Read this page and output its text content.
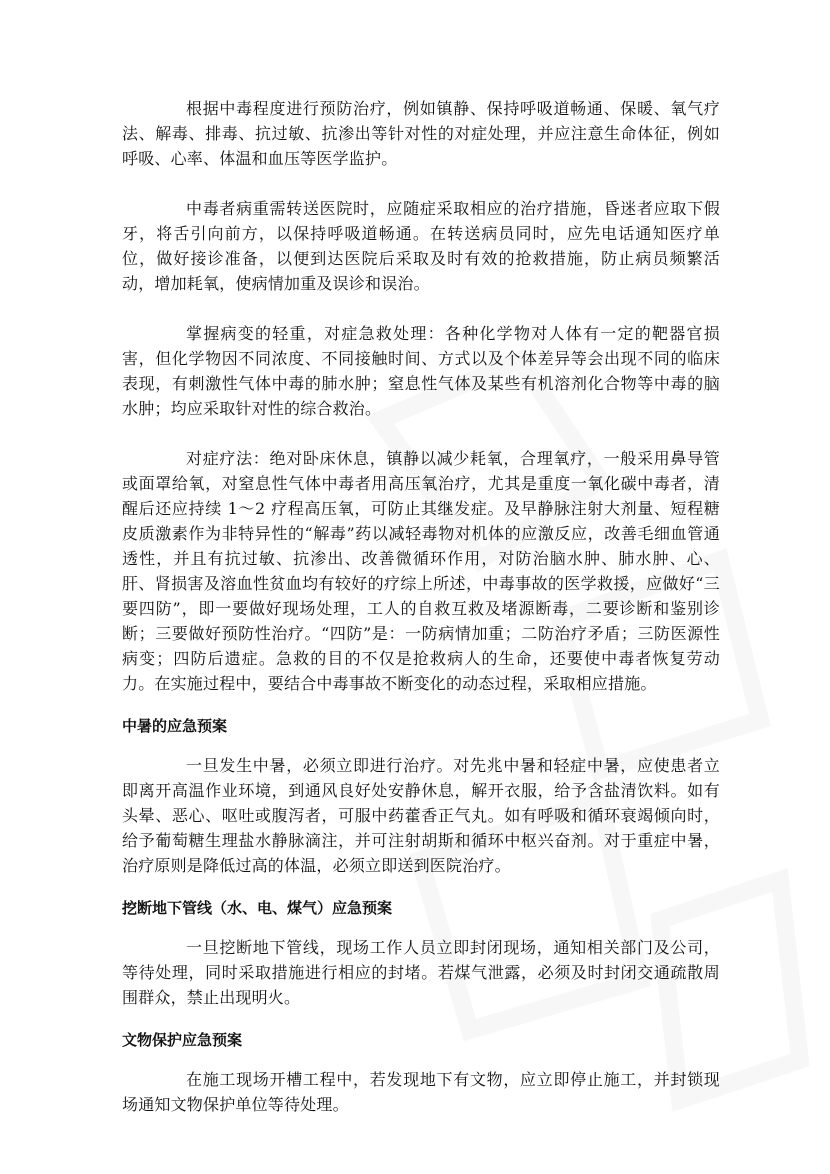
根据中毒程度进行预防治疗，例如镇静、保持呼吸道畅通、保暖、氧气疗法、解毒、排毒、抗过敏、抗渗出等针对性的对症处理，并应注意生命体征，例如呼吸、心率、体温和血压等医学监护。

中毒者病重需转送医院时，应随症采取相应的治疗措施，昏迷者应取下假牙，将舌引向前方，以保持呼吸道畅通。在转送病员同时，应先电话通知医疗单位，做好接诊准备，以便到达医院后采取及时有效的抢救措施，防止病员频繁活动，增加耗氧，使病情加重及误诊和误治。

掌握病变的轻重，对症急救处理：各种化学物对人体有一定的靶器官损害，但化学物因不同浓度、不同接触时间、方式以及个体差异等会出现不同的临床表现，有刺激性气体中毒的肺水肿；窒息性气体及某些有机溶剂化合物等中毒的脑水肿；均应采取针对性的综合救治。

对症疗法：绝对卧床休息，镇静以减少耗氧，合理氧疗，一般采用鼻导管或面罩给氧，对窒息性气体中毒者用高压氧治疗，尤其是重度一氧化碳中毒者，清醒后还应持续 1～2 疗程高压氧，可防止其继发症。及早静脉注射大剂量、短程糖皮质激素作为非特异性的“解毒”药以减轻毒物对机体的应激反应，改善毛细血管通透性，并且有抗过敏、抗渗出、改善微循环作用，对防治脑水肿、肺水肿、心、肝、肾损害及溶血性贫血均有较好的疗综上所述，中毒事故的医学救援，应做好“三要四防”，即一要做好现场处理，工人的自救互救及堵源断毒，二要诊断和鉴别诊断；三要做好预防性治疗。“四防”是：一防病情加重；二防治疗矛盾；三防医源性病变；四防后遗症。急救的目的不仅是抢救病人的生命，还要使中毒者恢复劳动力。在实施过程中，要结合中毒事故不断变化的动态过程，采取相应措施。

中暑的应急预案

一旦发生中暑，必须立即进行治疗。对先兆中暑和轻症中暑，应使患者立即离开高温作业环境，到通风良好处安静休息，解开衣服，给予含盐清饮料。如有头晕、恶心、呕吐或腹泻者，可服中药藿香正气丸。如有呼吸和循环衰竭倾向时，给予葡萄糖生理盐水静脉滴注，并可注射胡斯和循环中枢兴奋剂。对于重症中暑，治疗原则是降低过高的体温，必须立即送到医院治疗。

挖断地下管线（水、电、煤气）应急预案

一旦挖断地下管线，现场工作人员立即封闭现场，通知相关部门及公司，等待处理，同时采取措施进行相应的封堵。若煤气泄露，必须及时封闭交通疏散周围群众，禁止出现明火。

文物保护应急预案

在施工现场开槽工程中，若发现地下有文物，应立即停止施工，并封锁现场通知文物保护单位等待处理。
